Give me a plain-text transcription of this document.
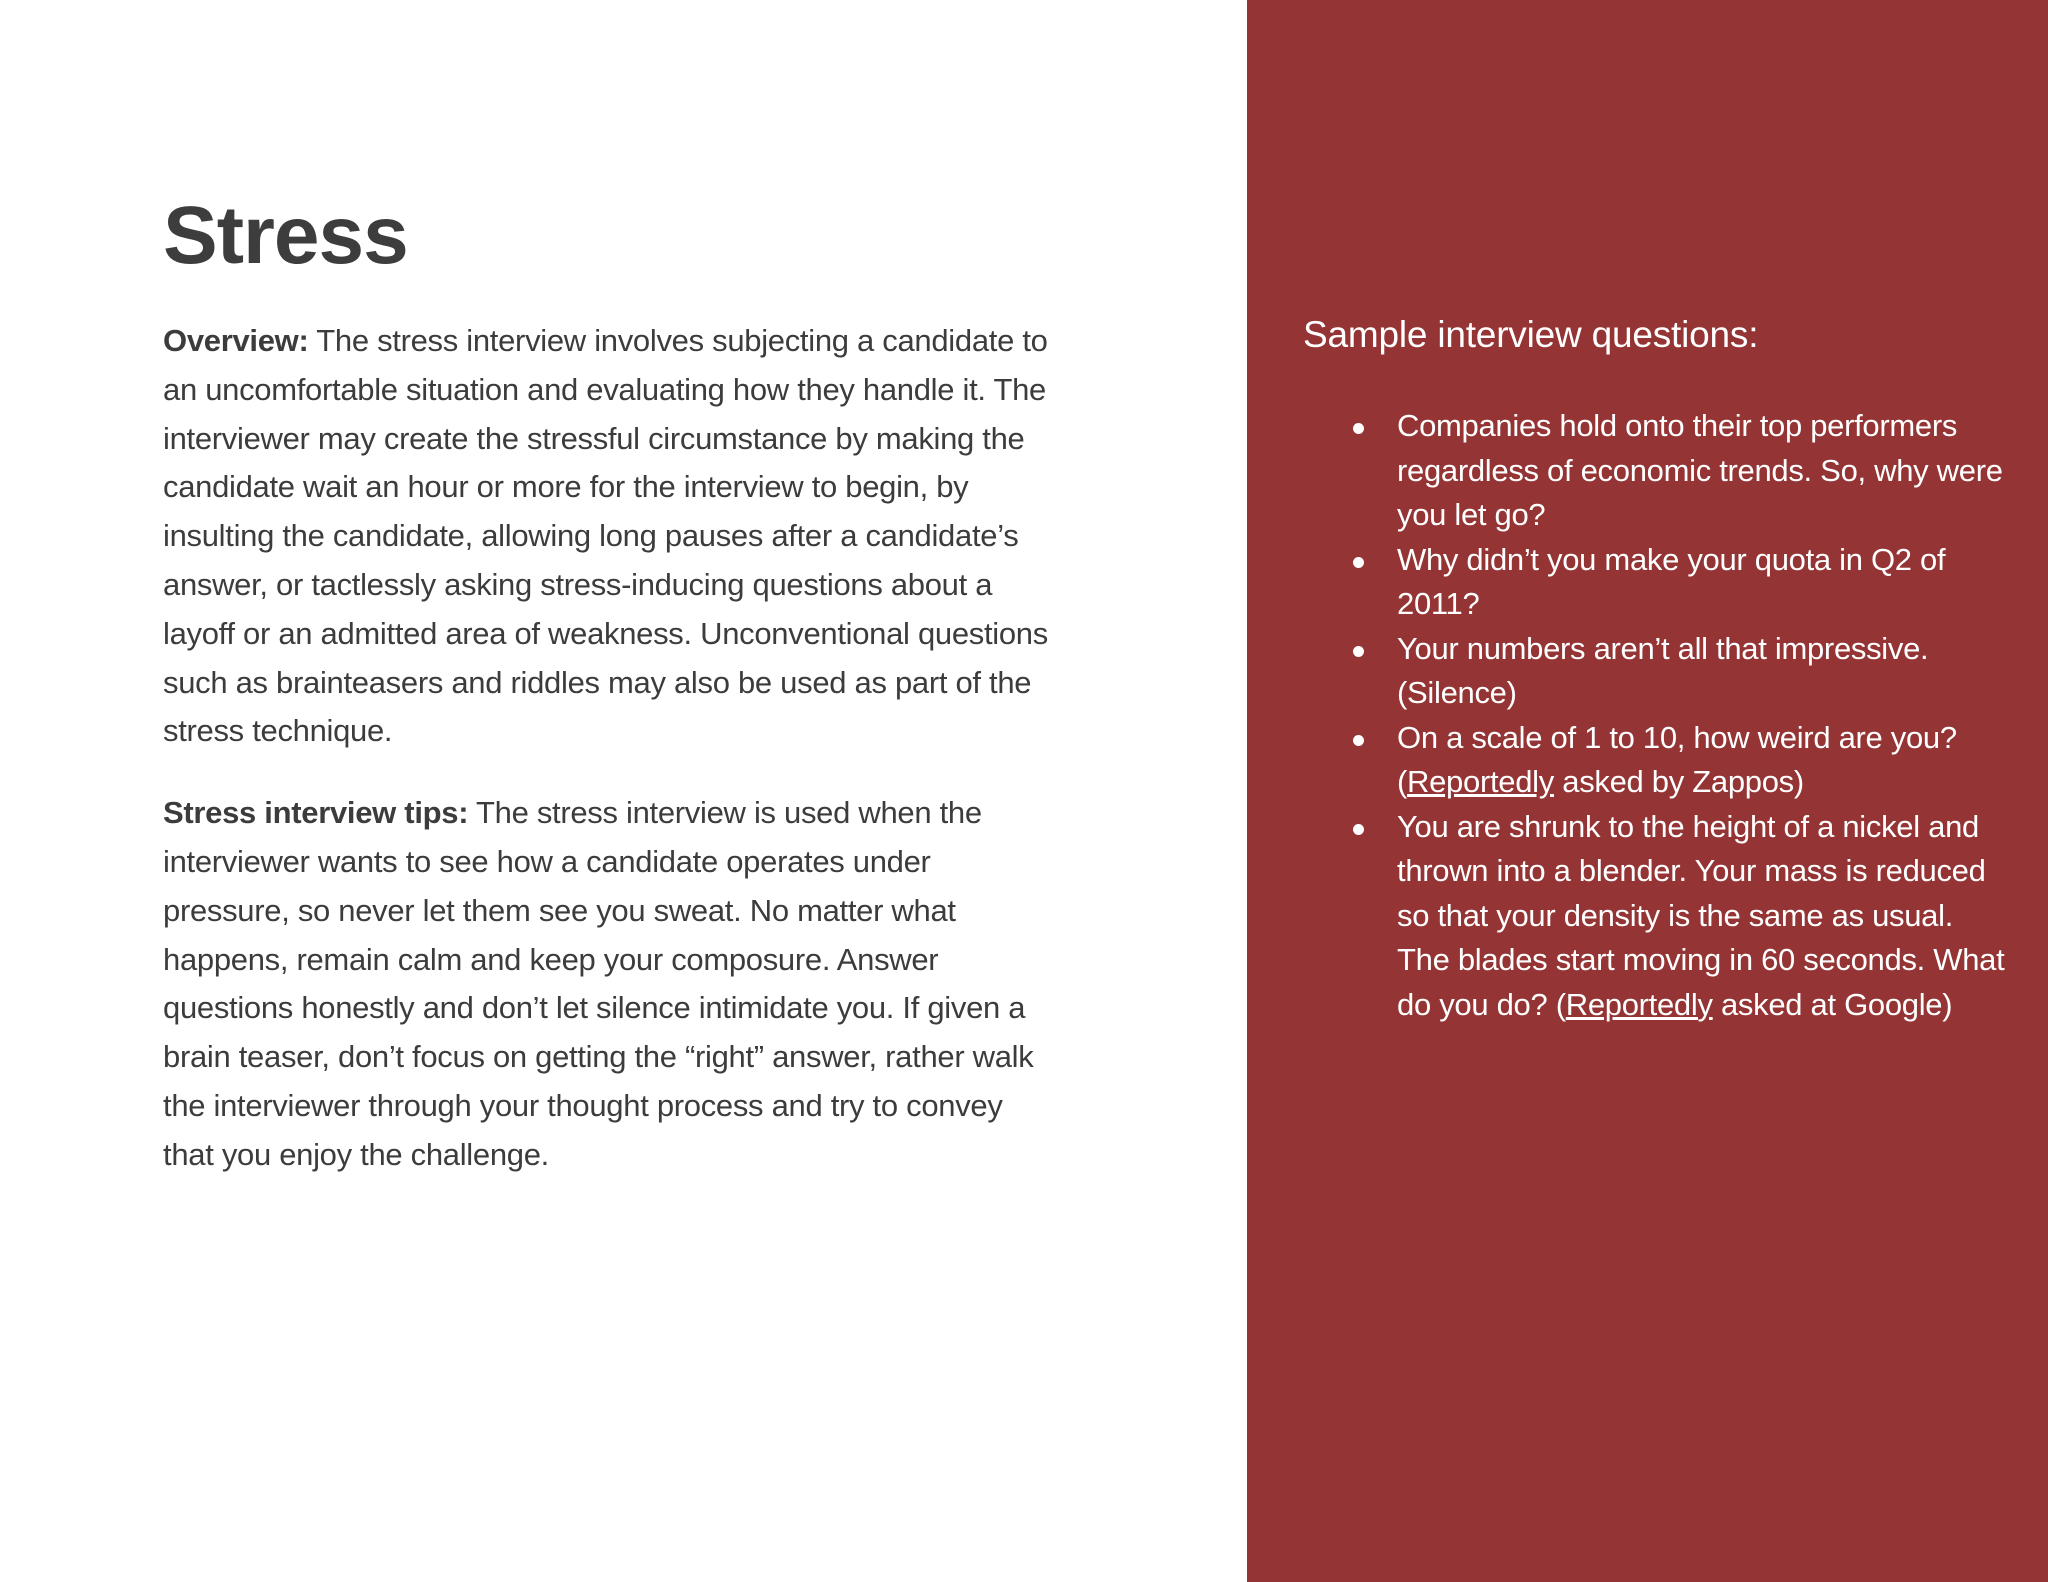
Stress

Overview: The stress interview involves subjecting a candidate to an uncomfortable situation and evaluating how they handle it. The interviewer may create the stressful circumstance by making the candidate wait an hour or more for the interview to begin, by insulting the candidate, allowing long pauses after a candidate’s answer, or tactlessly asking stress-inducing questions about a layoff or an admitted area of weakness. Unconventional questions such as brainteasers and riddles may also be used as part of the stress technique.

Stress interview tips: The stress interview is used when the interviewer wants to see how a candidate operates under pressure, so never let them see you sweat. No matter what happens, remain calm and keep your composure. Answer questions honestly and don’t let silence intimidate you. If given a brain teaser, don’t focus on getting the “right” answer, rather walk the interviewer through your thought process and try to convey that you enjoy the challenge.

Sample interview questions:
Companies hold onto their top performers regardless of economic trends. So, why were you let go?
Why didn’t you make your quota in Q2 of 2011?
Your numbers aren’t all that impressive. (Silence)
On a scale of 1 to 10, how weird are you? (Reportedly asked by Zappos)
You are shrunk to the height of a nickel and thrown into a blender. Your mass is reduced so that your density is the same as usual. The blades start moving in 60 seconds. What do you do? (Reportedly asked at Google)
